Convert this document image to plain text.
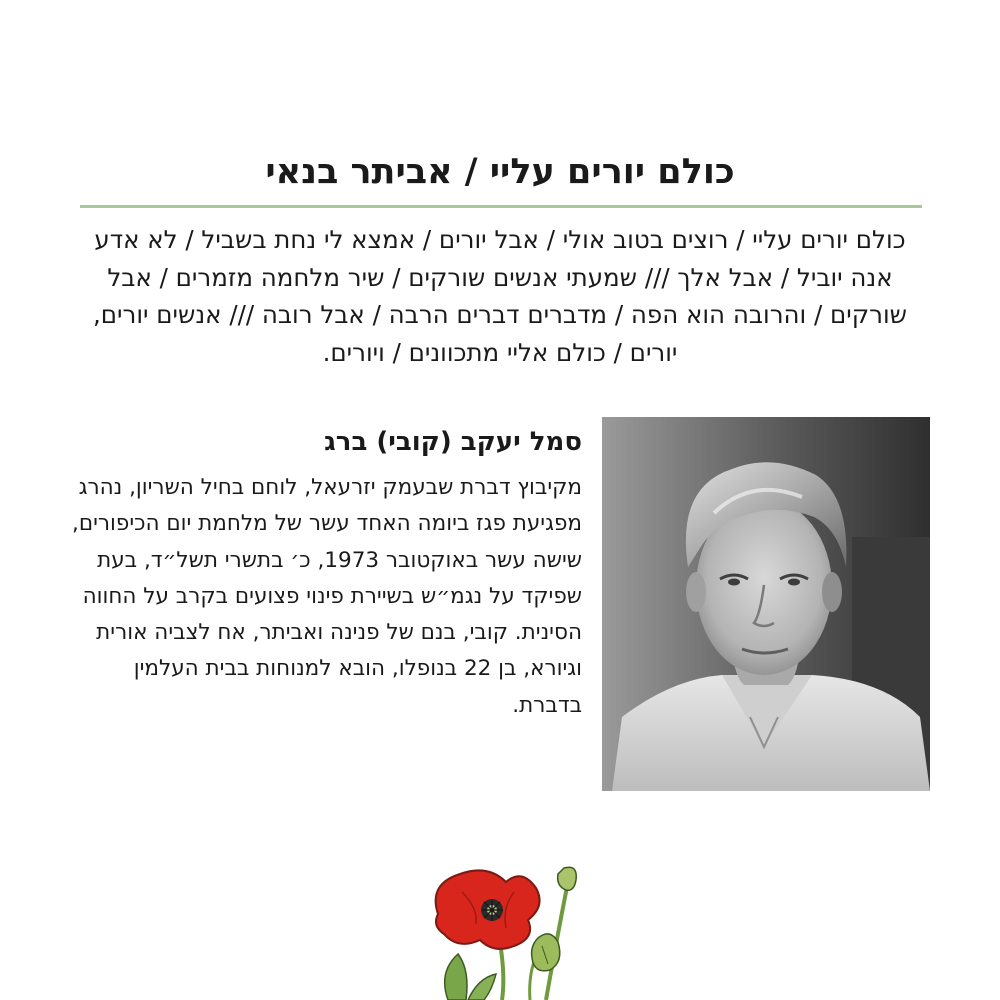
כולם יורים עליי / אביתר בנאי

כולם יורים עליי / רוצים בטוב אולי / אבל יורים / אמצא לי נחת בשביל / לא אדע אנה יוביל / אבל אלך /// שמעתי אנשים שורקים / שיר מלחמה מזמרים / אבל שורקים / והרובה הוא הפה / מדברים דברים הרבה / אבל רובה /// אנשים יורים, יורים / כולם אליי מתכוונים / ויורים.

סמל יעקב (קובי) ברג

מקיבוץ דברת שבעמק יזרעאל, לוחם בחיל השריון, נהרג מפגיעת פגז ביומה האחד עשר של מלחמת יום הכיפורים, שישה עשר באוקטובר 1973, כ׳ בתשרי תשל״ד, בעת שפיקד על נגמ״ש בשיירת פינוי פצועים בקרב על החווה הסינית. קובי, בנם של פנינה ואביתר, אח לצביה אורית וגיורא, בן 22 בנופלו, הובא למנוחות בבית העלמין בדברת.
